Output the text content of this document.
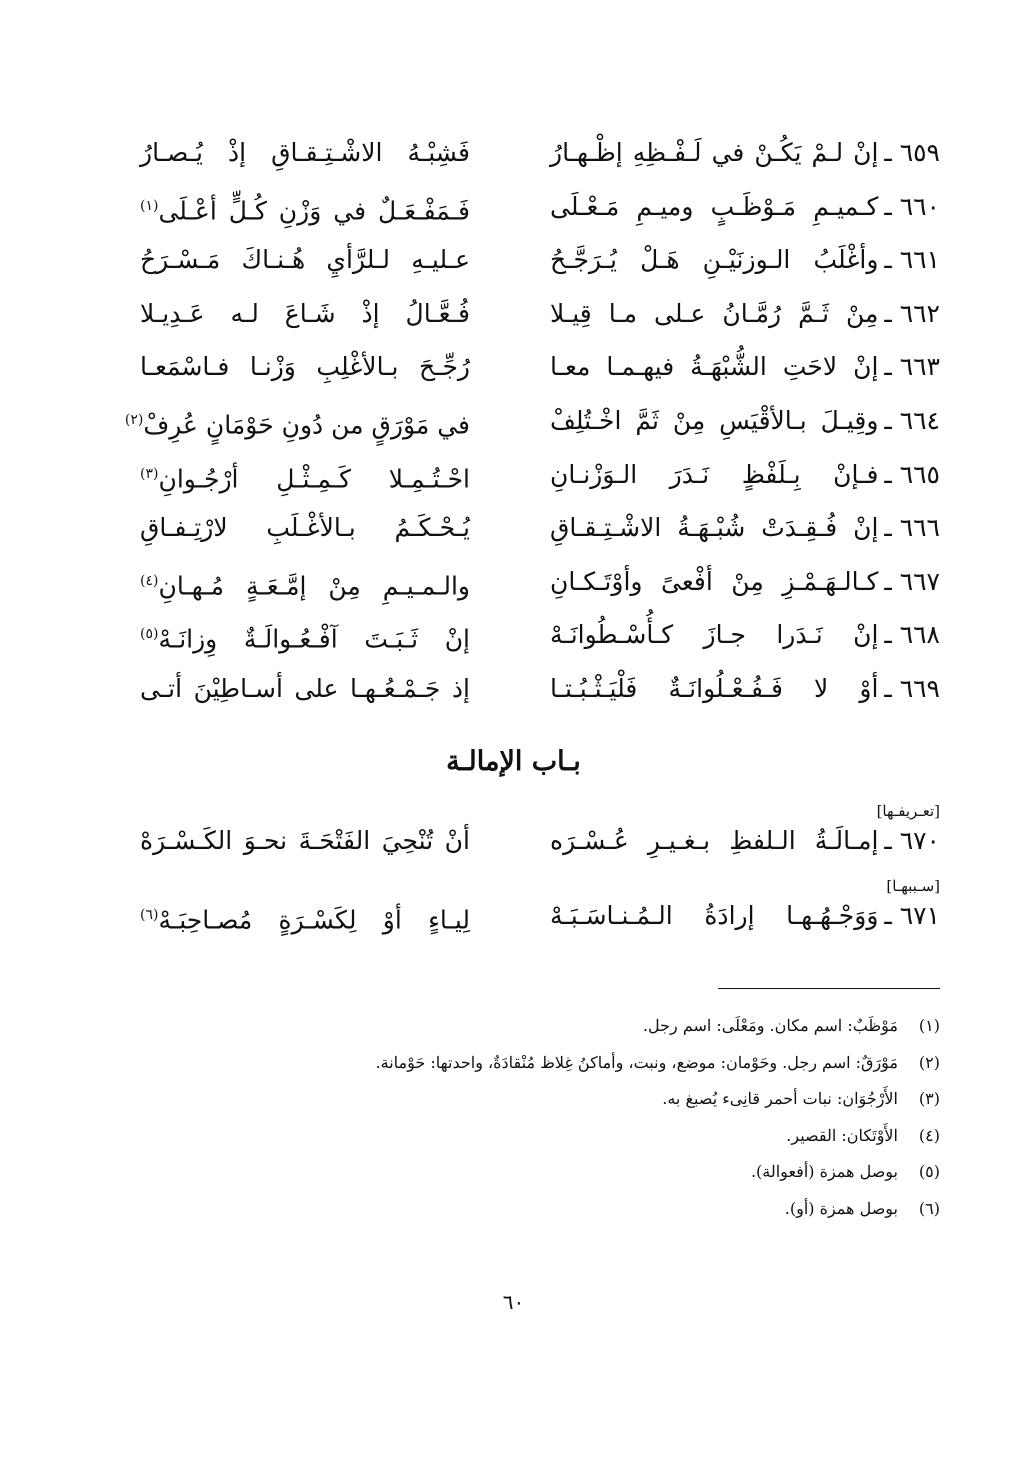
٦٥٩ ـإنْ لـمْ يَكُـنْ في لَـفْـظِهِ إظْـهـارُ
فَشِبْـهُ الاشْـتِـقـاقِ إذْ يُـصـارُ
٦٦٠ ـكـميـمِ مَـوْظَـبٍ وميـمِ مَـعْـلَى
فَـمَفْـعَـلٌ في وَزْنِ كُـلٍّ أعْـلَى$^{(١)}$
٦٦١ ـوأغْلَبُ الـوزنَيْـنِ هَـلْ يُـرَجَّـحُ
عـليـهِ لـلرَّأيِ هُـنـاكَ مَـسْـرَحُ
٦٦٢ ـمِنْ ثَـمَّ رُمَّـانُ عـلى مـا قِيـلا
فُـعَّـالُ إذْ شَـاعَ لـه عَـدِيـلا
٦٦٣ ـإنْ لاحَتِ الشُّبْهَـةُ فيهـمـا معـا
رُجِّـحَ بـالأغْلِبِ وَزْنـا فـاسْمَعـا
٦٦٤ ـوقِيـلَ بـالأقْيَسِ مِنْ ثَمَّ اخْـتُلِفْ
في مَوْرَقٍ من دُونِ حَوْمَانٍ عُرِفْ$^{(٢)}$
٦٦٥ ـفـإنْ بِـلَفْظٍ نَـدَرَ الـوَزْنـانِ
احْـتُـمِـلا كَـمِـثْـلِ أرْجُـوانِ$^{(٣)}$
٦٦٦ ـإنْ فُـقِـدَتْ شُبْـهَـةُ الاشْـتِـقـاقِ
يُـحْـكَـمُ بـالأغْـلَبِ لارْتِـفـاقِ
٦٦٧ ـكـالـهَـمْـزِ مِنْ أفْعىً وأوْتَـكـانِ
والـمـيـمِ مِنْ إمَّـعَـةٍ مُـهـانِ$^{(٤)}$
٦٦٨ ـإنْ نَـدَرا جـازَ كـأُسْـطُوانَـهْ
إنْ ثَـبَـتَ آفْـعُـوالَـةٌ وِزانَـهْ$^{(٥)}$
٦٦٩ ـأوْ لا فَـفُـعْـلُوانَـةٌ فَلْيَـثْـبُـتـا
إذ جَـمْـعُـهـا على أسـاطِيْنَ أتـى
بـاب الإمالـة
[تعـريفـها]
٦٧٠ ـإمـالَـةُ الـلفظِ بـغـيـرِ عُـسْـرَه
أنْ تُنْحِيَ الفَتْحَـةَ نحـوَ الكَـسْـرَهْ
[سـببهـا]
٦٧١ ـوَوَجْـهُـهـا إرادَةُ الـمُـنـاسَـبَـهْ
لِيـاءٍ أوْ لِكَسْـرَةٍ مُصـاحِبَـهْ$^{(٦)}$
(١)مَوْظَبٌ: اسم مكان. ومَعْلَى: اسم رجل.
(٢)مَوْرَقٌ: اسم رجل. وحَوْمان: موضع، ونبت، وأماكنُ غِلاظ مُنْقادَةٌ، واحدتها: حَوْمانة.
(٣)الأَرْجُوَان: نبات أحمر قانِىء يُصبغ به.
(٤)الأَوْتَكان: القصير.
(٥)بوصل همزة (أفعوالة).
(٦)بوصل همزة (أو).
٦٠
